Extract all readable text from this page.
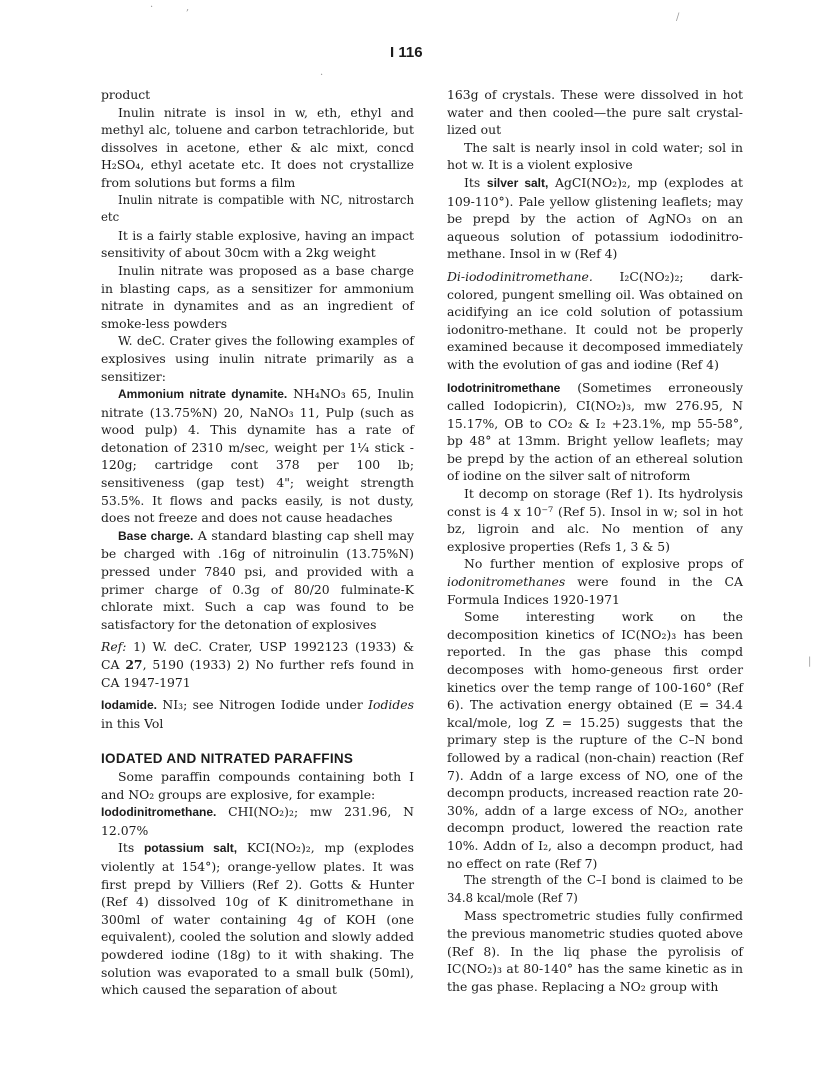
I 116
·	,
/
·
|

product

Inulin nitrate is insol in w, eth, ethyl and methyl alc, toluene and carbon tetrachloride, but dissolves in acetone, ether & alc mixt, concd H₂SO₄, ethyl acetate etc. It does not crystallize from solutions but forms a film

Inulin nitrate is compatible with NC, nitrostarch etc

It is a fairly stable explosive, having an impact sensitivity of about 30cm with a 2kg weight

Inulin nitrate was proposed as a base charge in blasting caps, as a sensitizer for ammonium nitrate in dynamites and as an ingredient of smoke-less powders

W. deC. Crater gives the following examples of explosives using inulin nitrate primarily as a sensitizer:

Ammonium nitrate dynamite. NH₄NO₃ 65, Inulin nitrate (13.75%N) 20, NaNO₃ 11, Pulp (such as wood pulp) 4. This dynamite has a rate of detonation of 2310 m/sec, weight per 1¼ stick - 120g; cartridge cont 378 per 100 lb; sensitiveness (gap test) 4"; weight strength 53.5%. It flows and packs easily, is not dusty, does not freeze and does not cause headaches

Base charge. A standard blasting cap shell may be charged with .16g of nitroinulin (13.75%N) pressed under 7840 psi, and provided with a primer charge of 0.3g of 80/20 fulminate-K chlorate mixt. Such a cap was found to be satisfactory for the detonation of explosives

Ref: 1) W. deC. Crater, USP 1992123 (1933) & CA 27, 5190 (1933) 2) No further refs found in CA 1947-1971

Iodamide. NI₃; see Nitrogen Iodide under Iodides in this Vol

IODATED AND NITRATED PARAFFINS

Some paraffin compounds containing both I and NO₂ groups are explosive, for example:

Iododinitromethane. CHI(NO₂)₂; mw 231.96, N 12.07%

Its potassium salt, KCI(NO₂)₂, mp (explodes violently at 154°); orange-yellow plates. It was first prepd by Villiers (Ref 2). Gotts & Hunter (Ref 4) dissolved 10g of K dinitromethane in 300ml of water containing 4g of KOH (one equivalent), cooled the solution and slowly added powdered iodine (18g) to it with shaking. The solution was evaporated to a small bulk (50ml), which caused the separation of about

163g of crystals. These were dissolved in hot water and then cooled—the pure salt crystal-lized out

The salt is nearly insol in cold water; sol in hot w. It is a violent explosive

Its silver salt, AgCI(NO₂)₂, mp (explodes at 109-110°). Pale yellow glistening leaflets; may be prepd by the action of AgNO₃ on an aqueous solution of potassium iododinitro-methane. Insol in w (Ref 4)

Di-iododinitromethane. I₂C(NO₂)₂; dark-colored, pungent smelling oil. Was obtained on acidifying an ice cold solution of potassium iodonitro-methane. It could not be properly examined because it decomposed immediately with the evolution of gas and iodine (Ref 4)

Iodotrinitromethane (Sometimes erroneously called Iodopicrin), CI(NO₂)₃, mw 276.95, N 15.17%, OB to CO₂ & I₂ +23.1%, mp 55-58°, bp 48° at 13mm. Bright yellow leaflets; may be prepd by the action of an ethereal solution of iodine on the silver salt of nitroform

It decomp on storage (Ref 1). Its hydrolysis const is 4 x 10⁻⁷ (Ref 5). Insol in w; sol in hot bz, ligroin and alc. No mention of any explosive properties (Refs 1, 3 & 5)

No further mention of explosive props of iodonitromethanes were found in the CA Formula Indices 1920-1971

Some interesting work on the decomposition kinetics of IC(NO₂)₃ has been reported. In the gas phase this compd decomposes with homo-geneous first order kinetics over the temp range of 100-160° (Ref 6). The activation energy obtained (E = 34.4 kcal/mole, log Z = 15.25) suggests that the primary step is the rupture of the C–N bond followed by a radical (non-chain) reaction (Ref 7). Addn of a large excess of NO, one of the decompn products, increased reaction rate 20-30%, addn of a large excess of NO₂, another decompn product, lowered the reaction rate 10%. Addn of I₂, also a decompn product, had no effect on rate (Ref 7)

The strength of the C–I bond is claimed to be 34.8 kcal/mole (Ref 7)

Mass spectrometric studies fully confirmed the previous manometric studies quoted above (Ref 8). In the liq phase the pyrolisis of IC(NO₂)₃ at 80-140° has the same kinetic as in the gas phase. Replacing a NO₂ group with
